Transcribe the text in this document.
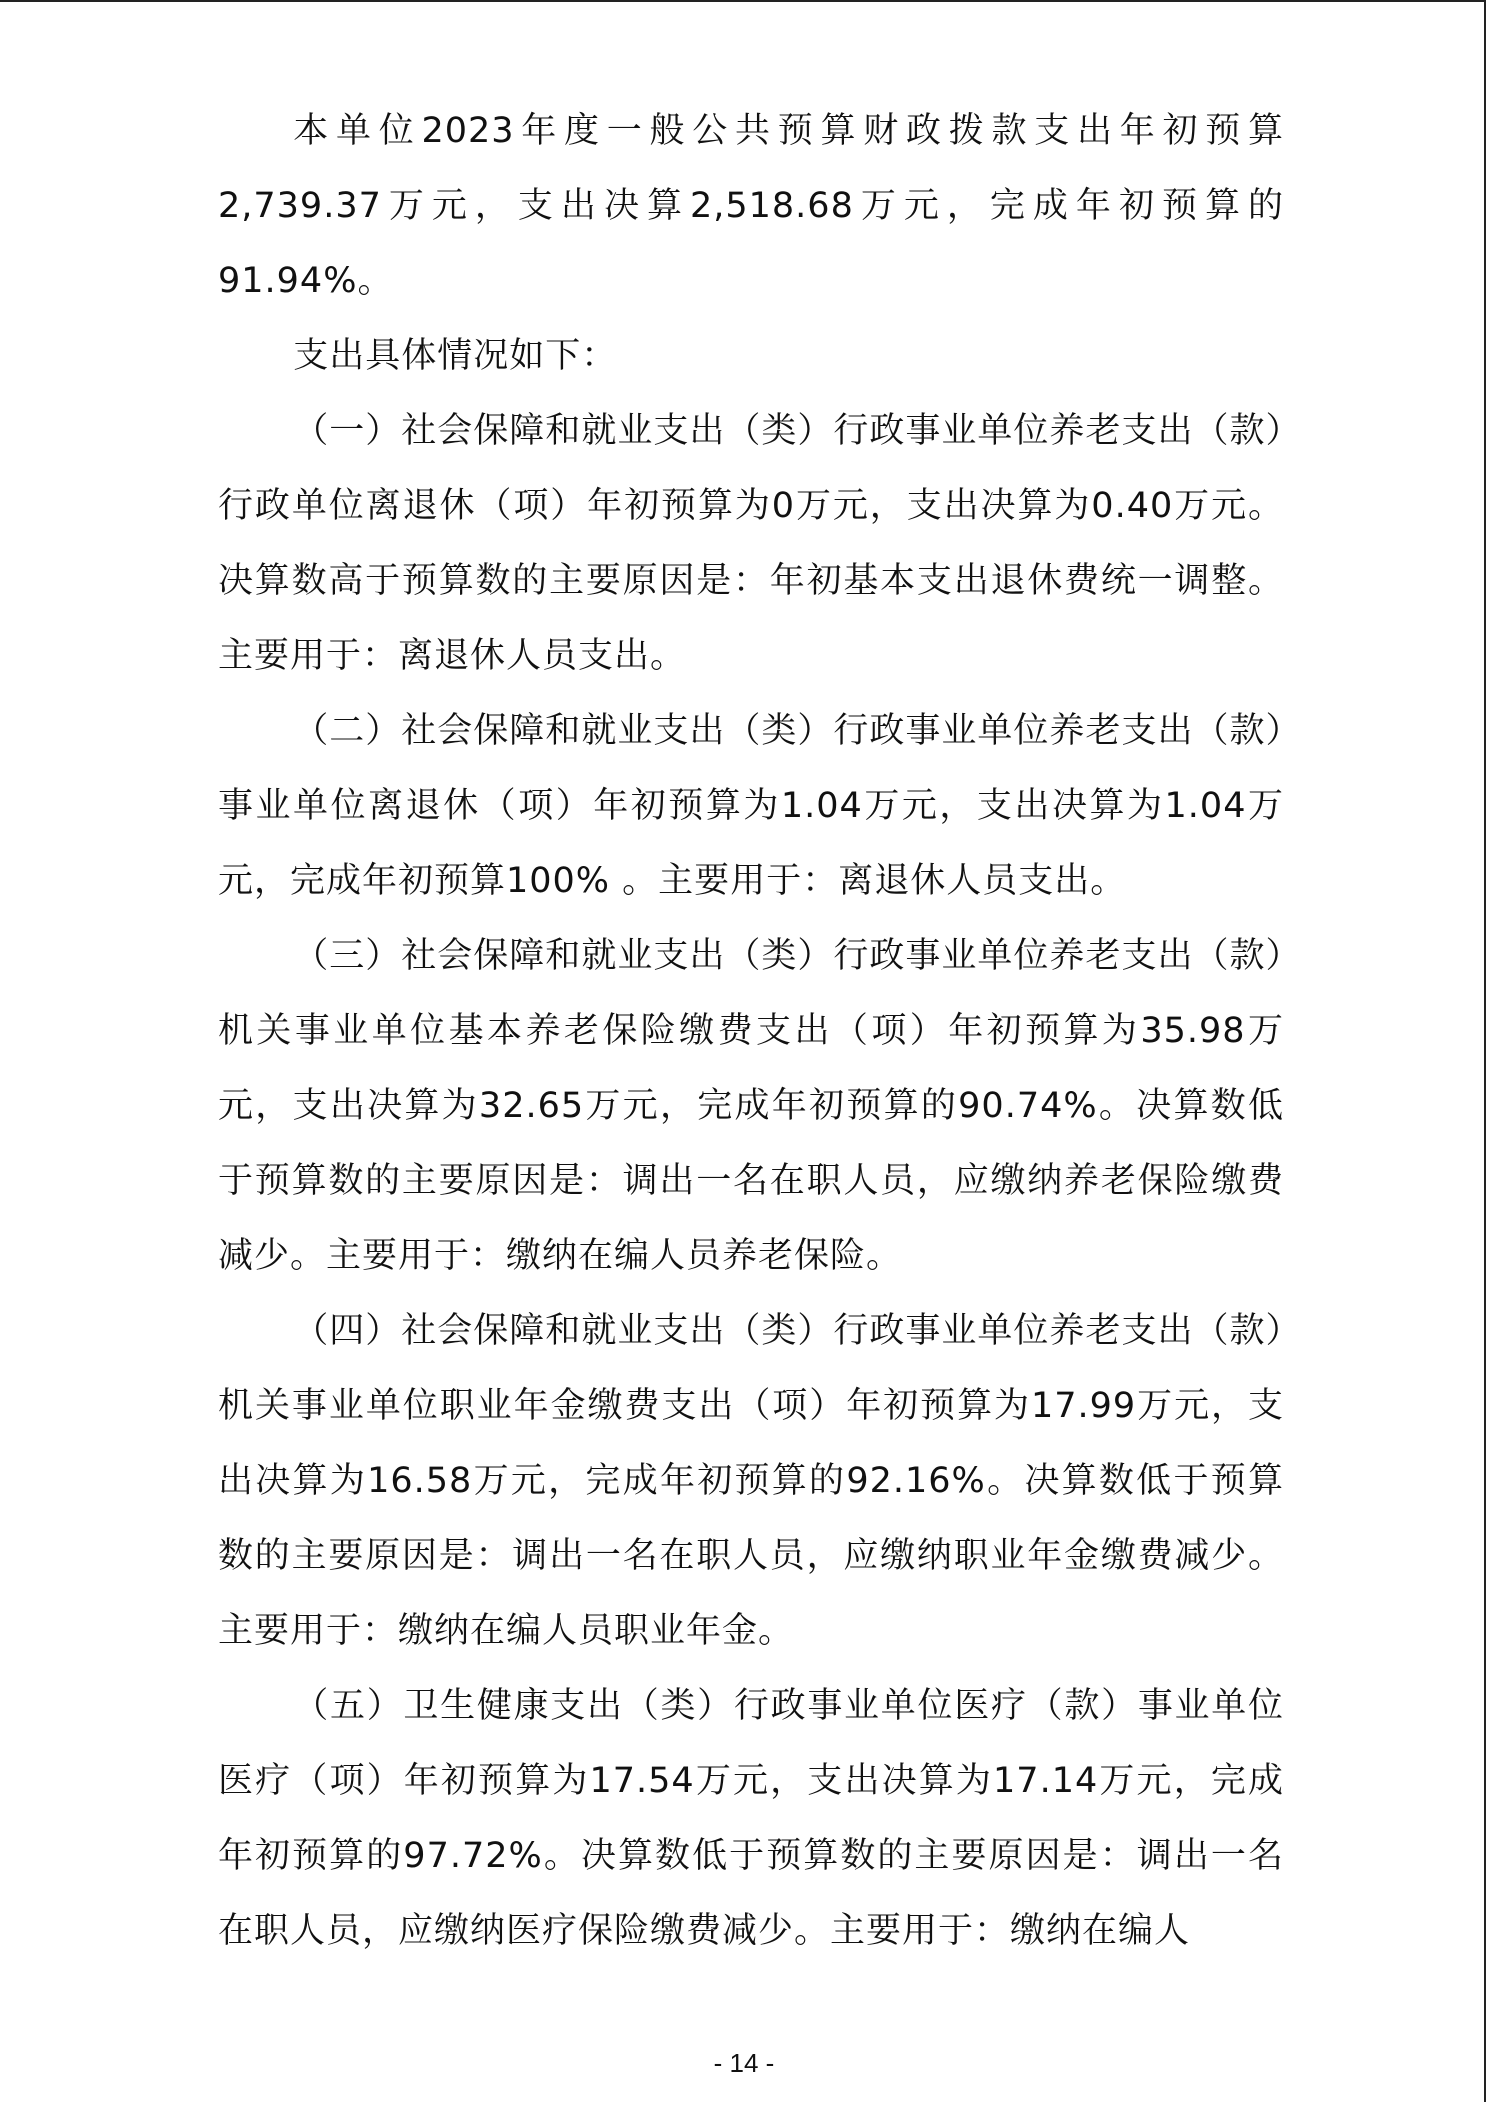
本单位2023年度一般公共预算财政拨款支出年初预算2,739.37万元，支出决算2,518.68万元，完成年初预算的91.94%。

支出具体情况如下：

（一）社会保障和就业支出（类）行政事业单位养老支出（款）行政单位离退休（项）年初预算为0万元，支出决算为0.40万元。决算数高于预算数的主要原因是：年初基本支出退休费统一调整。主要用于：离退休人员支出。

（二）社会保障和就业支出（类）行政事业单位养老支出（款）事业单位离退休（项）年初预算为1.04万元，支出决算为1.04万元，完成年初预算100% 。主要用于：离退休人员支出。

（三）社会保障和就业支出（类）行政事业单位养老支出（款）机关事业单位基本养老保险缴费支出（项）年初预算为35.98万元，支出决算为32.65万元，完成年初预算的90.74%。决算数低于预算数的主要原因是：调出一名在职人员，应缴纳养老保险缴费减少。主要用于：缴纳在编人员养老保险。

（四）社会保障和就业支出（类）行政事业单位养老支出（款）机关事业单位职业年金缴费支出（项）年初预算为17.99万元，支出决算为16.58万元，完成年初预算的92.16%。决算数低于预算数的主要原因是：调出一名在职人员，应缴纳职业年金缴费减少。主要用于：缴纳在编人员职业年金。

（五）卫生健康支出（类）行政事业单位医疗（款）事业单位医疗（项）年初预算为17.54万元，支出决算为17.14万元，完成年初预算的97.72%。决算数低于预算数的主要原因是：调出一名在职人员，应缴纳医疗保险缴费减少。主要用于：缴纳在编人

- 14 -
